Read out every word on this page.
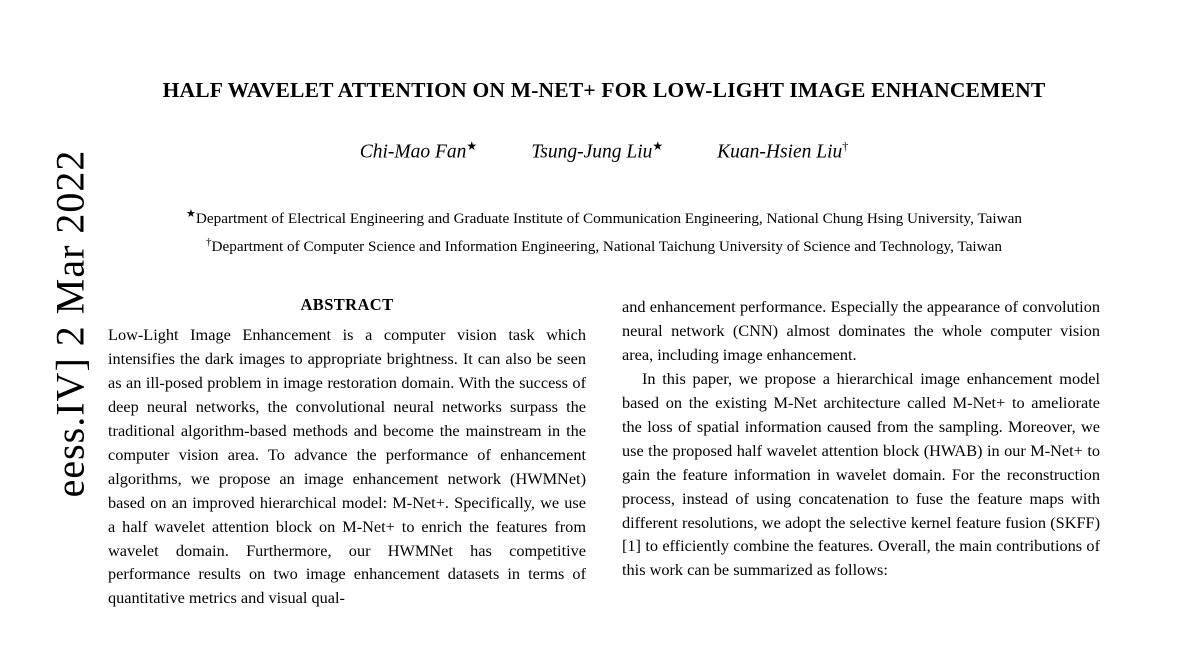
eess.IV] 2 Mar 2022
HALF WAVELET ATTENTION ON M-NET+ FOR LOW-LIGHT IMAGE ENHANCEMENT
Chi-Mao Fan★	Tsung-Jung Liu★	Kuan-Hsien Liu†
★Department of Electrical Engineering and Graduate Institute of Communication Engineering, National Chung Hsing University, Taiwan
†Department of Computer Science and Information Engineering, National Taichung University of Science and Technology, Taiwan
ABSTRACT

Low-Light Image Enhancement is a computer vision task which intensifies the dark images to appropriate brightness. It can also be seen as an ill-posed problem in image restoration domain. With the success of deep neural networks, the convolutional neural networks surpass the traditional algorithm-based methods and become the mainstream in the computer vision area. To advance the performance of enhancement algorithms, we propose an image enhancement network (HWMNet) based on an improved hierarchical model: M-Net+. Specifically, we use a half wavelet attention block on M-Net+ to enrich the features from wavelet domain. Furthermore, our HWMNet has competitive performance results on two image enhancement datasets in terms of quantitative metrics and visual qual-

and enhancement performance. Especially the appearance of convolution neural network (CNN) almost dominates the whole computer vision area, including image enhancement.

In this paper, we propose a hierarchical image enhancement model based on the existing M-Net architecture called M-Net+ to ameliorate the loss of spatial information caused from the sampling. Moreover, we use the proposed half wavelet attention block (HWAB) in our M-Net+ to gain the feature information in wavelet domain. For the reconstruction process, instead of using concatenation to fuse the feature maps with different resolutions, we adopt the selective kernel feature fusion (SKFF) [1] to efficiently combine the features. Overall, the main contributions of this work can be summarized as follows:
